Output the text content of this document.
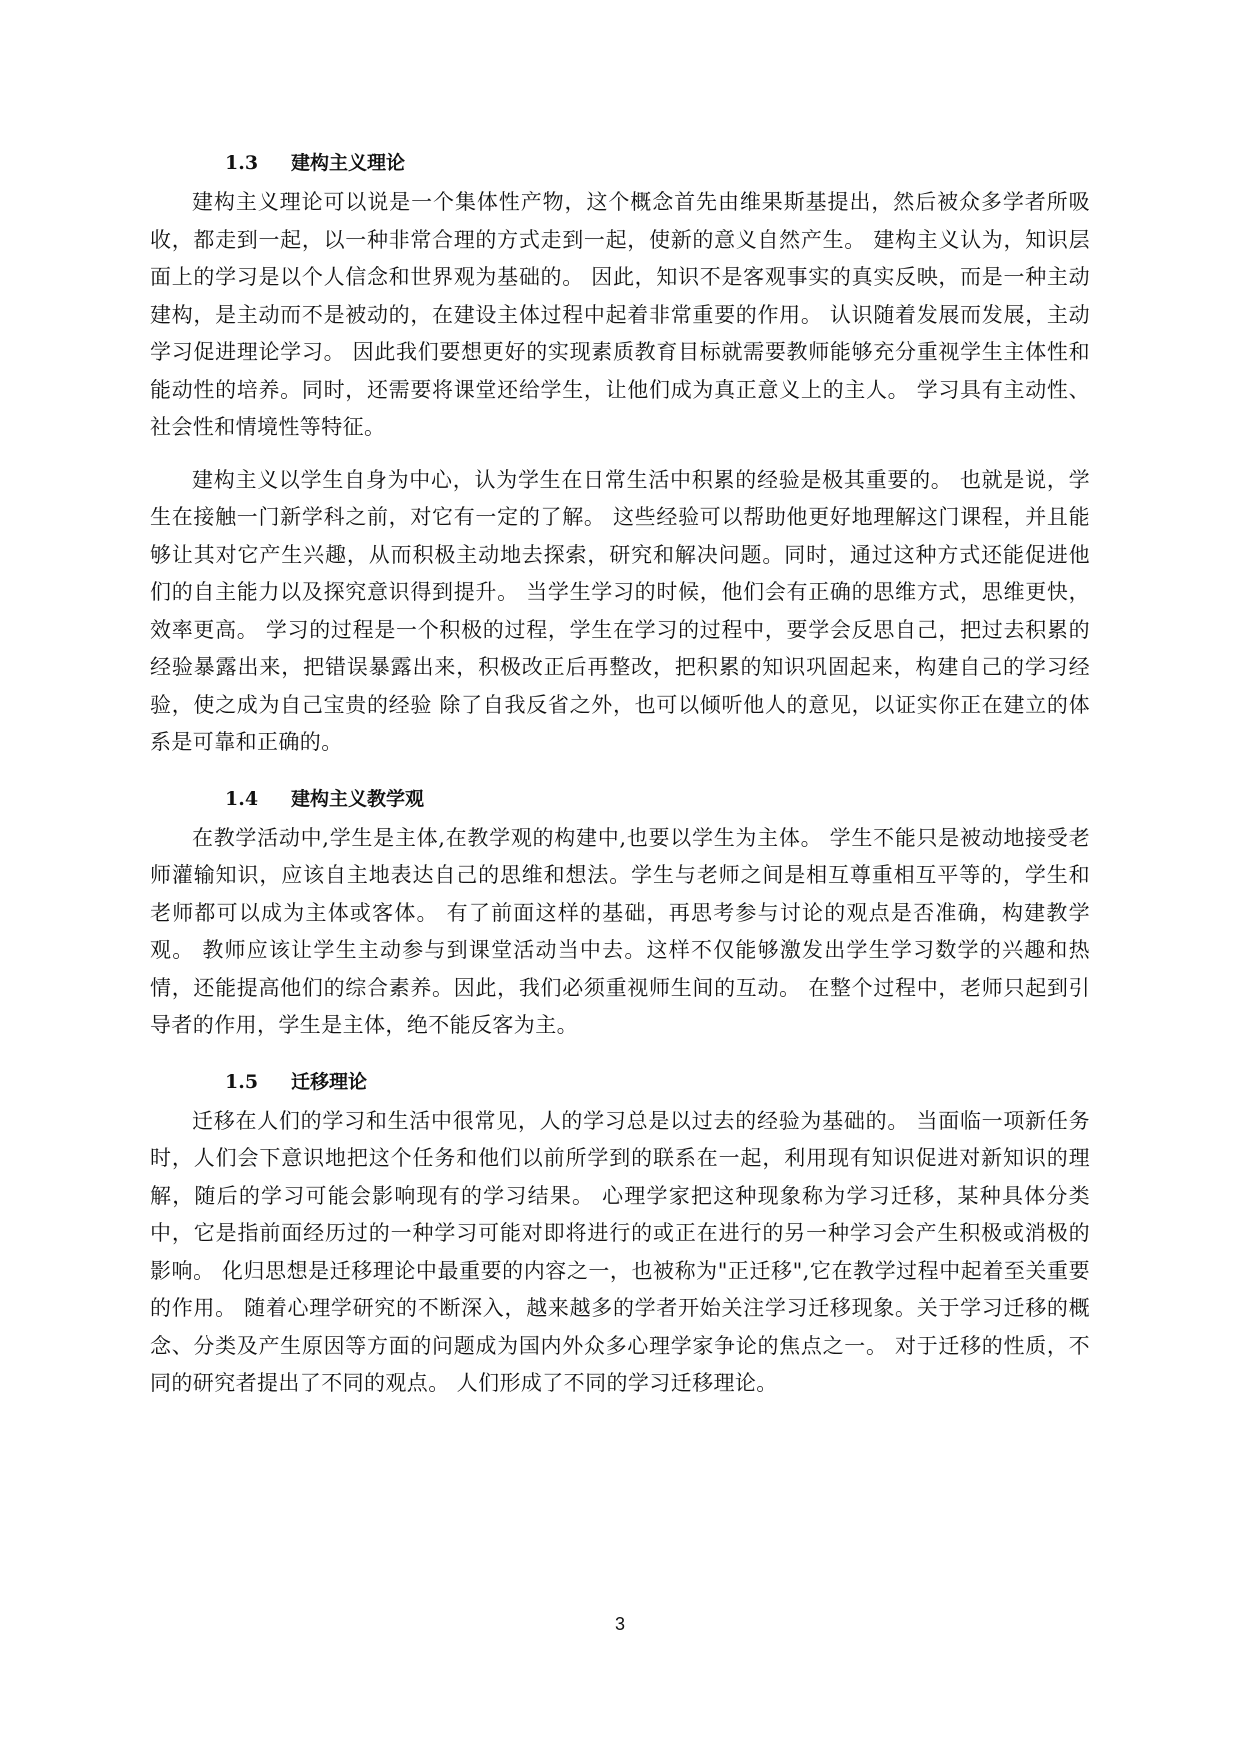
1.3 建构主义理论

建构主义理论可以说是一个集体性产物，这个概念首先由维果斯基提出，然后被众多学者所吸收，都走到一起，以一种非常合理的方式走到一起，使新的意义自然产生。 建构主义认为，知识层面上的学习是以个人信念和世界观为基础的。 因此，知识不是客观事实的真实反映，而是一种主动建构，是主动而不是被动的，在建设主体过程中起着非常重要的作用。 认识随着发展而发展，主动学习促进理论学习。 因此我们要想更好的实现素质教育目标就需要教师能够充分重视学生主体性和能动性的培养。同时，还需要将课堂还给学生，让他们成为真正意义上的主人。 学习具有主动性、社会性和情境性等特征。

建构主义以学生自身为中心，认为学生在日常生活中积累的经验是极其重要的。 也就是说，学生在接触一门新学科之前，对它有一定的了解。 这些经验可以帮助他更好地理解这门课程，并且能够让其对它产生兴趣，从而积极主动地去探索，研究和解决问题。同时，通过这种方式还能促进他们的自主能力以及探究意识得到提升。 当学生学习的时候，他们会有正确的思维方式，思维更快，效率更高。 学习的过程是一个积极的过程，学生在学习的过程中，要学会反思自己，把过去积累的经验暴露出来，把错误暴露出来，积极改正后再整改，把积累的知识巩固起来，构建自己的学习经验，使之成为自己宝贵的经验 除了自我反省之外，也可以倾听他人的意见，以证实你正在建立的体系是可靠和正确的。

1.4 建构主义教学观

在教学活动中,学生是主体,在教学观的构建中,也要以学生为主体。 学生不能只是被动地接受老师灌输知识，应该自主地表达自己的思维和想法。学生与老师之间是相互尊重相互平等的，学生和老师都可以成为主体或客体。 有了前面这样的基础，再思考参与讨论的观点是否准确，构建教学观。 教师应该让学生主动参与到课堂活动当中去。这样不仅能够激发出学生学习数学的兴趣和热情，还能提高他们的综合素养。因此，我们必须重视师生间的互动。 在整个过程中，老师只起到引导者的作用，学生是主体，绝不能反客为主。

1.5 迁移理论

迁移在人们的学习和生活中很常见，人的学习总是以过去的经验为基础的。 当面临一项新任务时，人们会下意识地把这个任务和他们以前所学到的联系在一起，利用现有知识促进对新知识的理解，随后的学习可能会影响现有的学习结果。 心理学家把这种现象称为学习迁移，某种具体分类中，它是指前面经历过的一种学习可能对即将进行的或正在进行的另一种学习会产生积极或消极的影响。 化归思想是迁移理论中最重要的内容之一，也被称为"正迁移",它在教学过程中起着至关重要的作用。 随着心理学研究的不断深入，越来越多的学者开始关注学习迁移现象。关于学习迁移的概念、分类及产生原因等方面的问题成为国内外众多心理学家争论的焦点之一。 对于迁移的性质，不同的研究者提出了不同的观点。 人们形成了不同的学习迁移理论。

3
